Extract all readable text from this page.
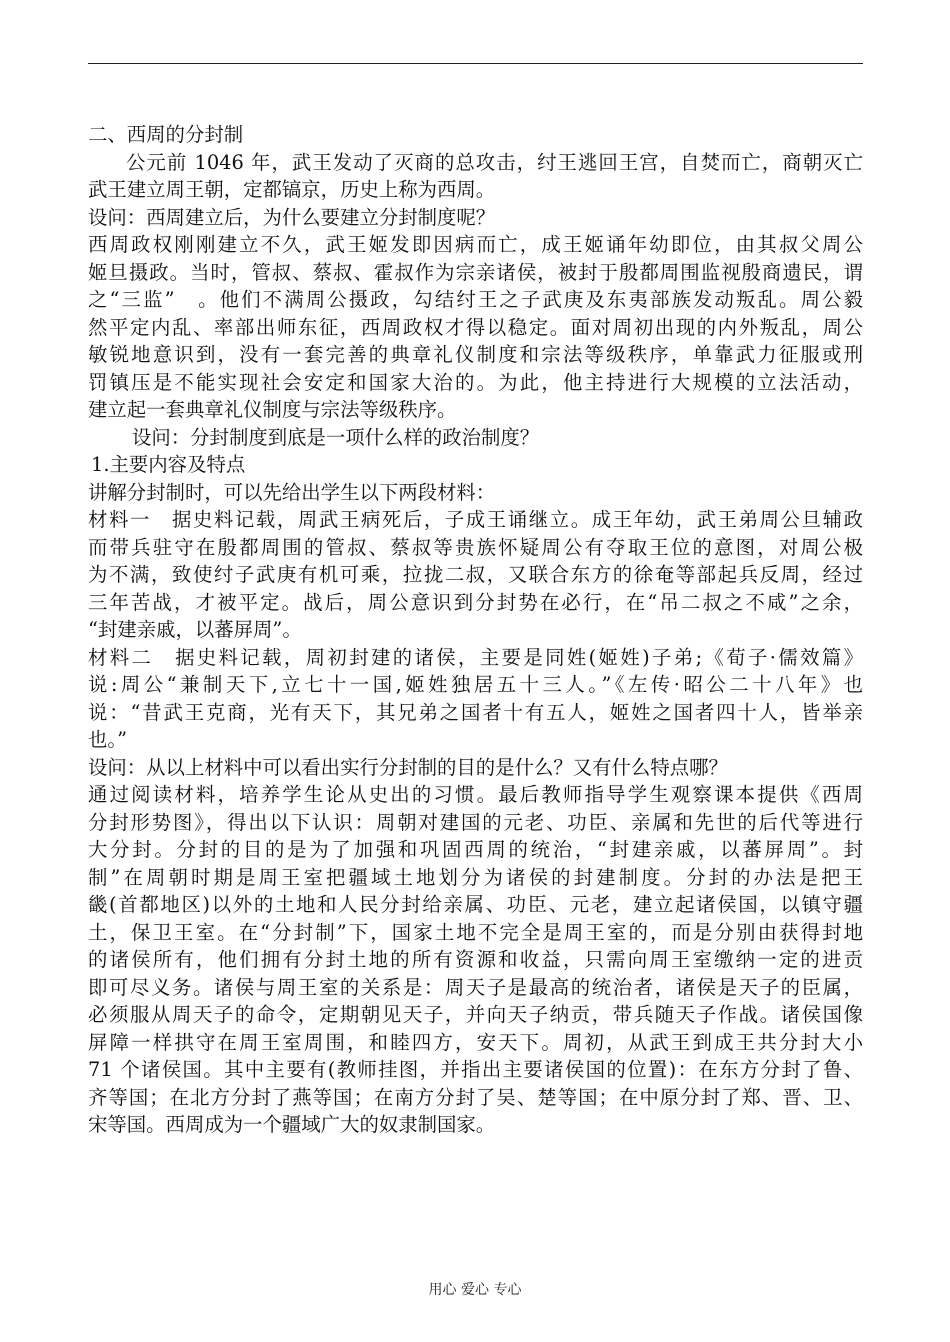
二、西周的分封制
公元前 1046 年，武王发动了灭商的总攻击，纣王逃回王宫，自焚而亡，商朝灭亡
武王建立周王朝，定都镐京，历史上称为西周。
设问：西周建立后，为什么要建立分封制度呢？
西周政权刚刚建立不久，武王姬发即因病而亡，成王姬诵年幼即位，由其叔父周公
姬旦摄政。当时，管叔、蔡叔、霍叔作为宗亲诸侯，被封于殷都周围监视殷商遗民，谓
之“三监”　。他们不满周公摄政，勾结纣王之子武庚及东夷部族发动叛乱。周公毅
然平定内乱、率部出师东征，西周政权才得以稳定。面对周初出现的内外叛乱，周公
敏锐地意识到，没有一套完善的典章礼仪制度和宗法等级秩序，单靠武力征服或刑
罚镇压是不能实现社会安定和国家大治的。为此，他主持进行大规模的立法活动，
建立起一套典章礼仪制度与宗法等级秩序。
设问：分封制度到底是一项什么样的政治制度？
1.主要内容及特点
讲解分封制时，可以先给出学生以下两段材料：
材料一　据史料记载，周武王病死后，子成王诵继立。成王年幼，武王弟周公旦辅政
而带兵驻守在殷都周围的管叔、蔡叔等贵族怀疑周公有夺取王位的意图，对周公极
为不满，致使纣子武庚有机可乘，拉拢二叔，又联合东方的徐奄等部起兵反周，经过
三年苦战，才被平定。战后，周公意识到分封势在必行，在“吊二叔之不咸”之余，
“封建亲戚，以蕃屏周”。
材料二　据史料记载，周初封建的诸侯，主要是同姓(姬姓)子弟;《荀子·儒效篇》
说:周公“兼制天下,立七十一国,姬姓独居五十三人。”《左传·昭公二十八年》也
说：“昔武王克商，光有天下，其兄弟之国者十有五人，姬姓之国者四十人，皆举亲
也。”
设问：从以上材料中可以看出实行分封制的目的是什么？又有什么特点哪？
通过阅读材料，培养学生论从史出的习惯。最后教师指导学生观察课本提供《西周
分封形势图》，得出以下认识：周朝对建国的元老、功臣、亲属和先世的后代等进行
大分封。分封的目的是为了加强和巩固西周的统治，“封建亲戚，以蕃屏周”。封
制”在周朝时期是周王室把疆域土地划分为诸侯的封建制度。分封的办法是把王
畿(首都地区)以外的土地和人民分封给亲属、功臣、元老，建立起诸侯国，以镇守疆
土，保卫王室。在“分封制”下，国家土地不完全是周王室的，而是分别由获得封地
的诸侯所有，他们拥有分封土地的所有资源和收益，只需向周王室缴纳一定的进贡
即可尽义务。诸侯与周王室的关系是：周天子是最高的统治者，诸侯是天子的臣属，
必须服从周天子的命令，定期朝见天子，并向天子纳贡，带兵随天子作战。诸侯国像
屏障一样拱守在周王室周围，和睦四方，安天下。周初，从武王到成王共分封大小
71 个诸侯国。其中主要有(教师挂图，并指出主要诸侯国的位置)：在东方分封了鲁、
齐等国；在北方分封了燕等国；在南方分封了吴、楚等国；在中原分封了郑、晋、卫、
宋等国。西周成为一个疆域广大的奴隶制国家。
用心 爱心 专心
